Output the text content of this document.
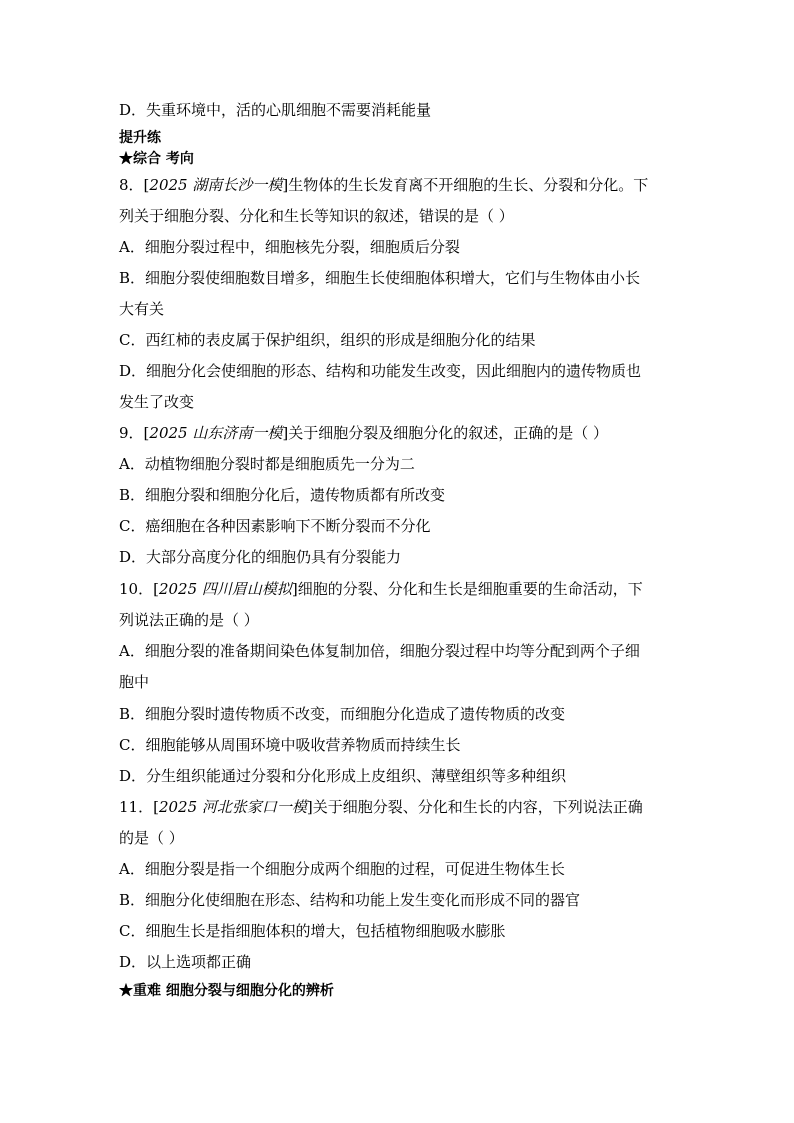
D．失重环境中，活的心肌细胞不需要消耗能量
提升练
★综合 考向
8．[2025 湖南长沙一模]生物体的生长发育离不开细胞的生长、分裂和分化。下
列关于细胞分裂、分化和生长等知识的叙述，错误的是（ ）
A．细胞分裂过程中，细胞核先分裂，细胞质后分裂
B．细胞分裂使细胞数目增多，细胞生长使细胞体积增大，它们与生物体由小长
大有关
C．西红柿的表皮属于保护组织，组织的形成是细胞分化的结果
D．细胞分化会使细胞的形态、结构和功能发生改变，因此细胞内的遗传物质也
发生了改变
9．[2025 山东济南一模]关于细胞分裂及细胞分化的叙述，正确的是（ ）
A．动植物细胞分裂时都是细胞质先一分为二
B．细胞分裂和细胞分化后，遗传物质都有所改变
C．癌细胞在各种因素影响下不断分裂而不分化
D．大部分高度分化的细胞仍具有分裂能力
10．[2025 四川眉山模拟]细胞的分裂、分化和生长是细胞重要的生命活动，下
列说法正确的是（ ）
A．细胞分裂的准备期间染色体复制加倍，细胞分裂过程中均等分配到两个子细
胞中
B．细胞分裂时遗传物质不改变，而细胞分化造成了遗传物质的改变
C．细胞能够从周围环境中吸收营养物质而持续生长
D．分生组织能通过分裂和分化形成上皮组织、薄壁组织等多种组织
11．[2025 河北张家口一模]关于细胞分裂、分化和生长的内容，下列说法正确
的是（ ）
A．细胞分裂是指一个细胞分成两个细胞的过程，可促进生物体生长
B．细胞分化使细胞在形态、结构和功能上发生变化而形成不同的器官
C．细胞生长是指细胞体积的增大，包括植物细胞吸水膨胀
D．以上选项都正确
★重难 细胞分裂与细胞分化的辨析
